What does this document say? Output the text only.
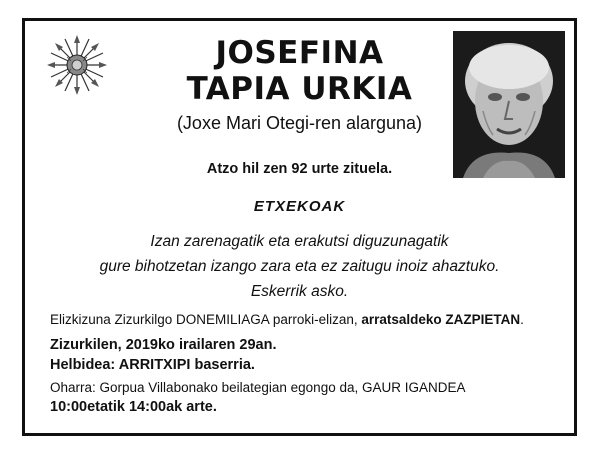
JOSEFINA
TAPIA URKIA
(Joxe Mari Otegi-ren alarguna)
Atzo hil zen 92 urte zituela.
ETXEKOAK
Izan zarenagatik eta erakutsi diguzunagatik
gure bihotzetan izango zara eta ez zaitugu inoiz ahaztuko.
Eskerrik asko.
Elizkizuna Zizurkilgo DONEMILIAGA parroki-elizan, arratsaldeko ZAZPIETAN.
Zizurkilen, 2019ko irailaren 29an.
Helbidea: ARRITXIPI baserria.
Oharra: Gorpua Villabonako beilategian egongo da, GAUR IGANDEA
10:00etatik 14:00ak arte.
